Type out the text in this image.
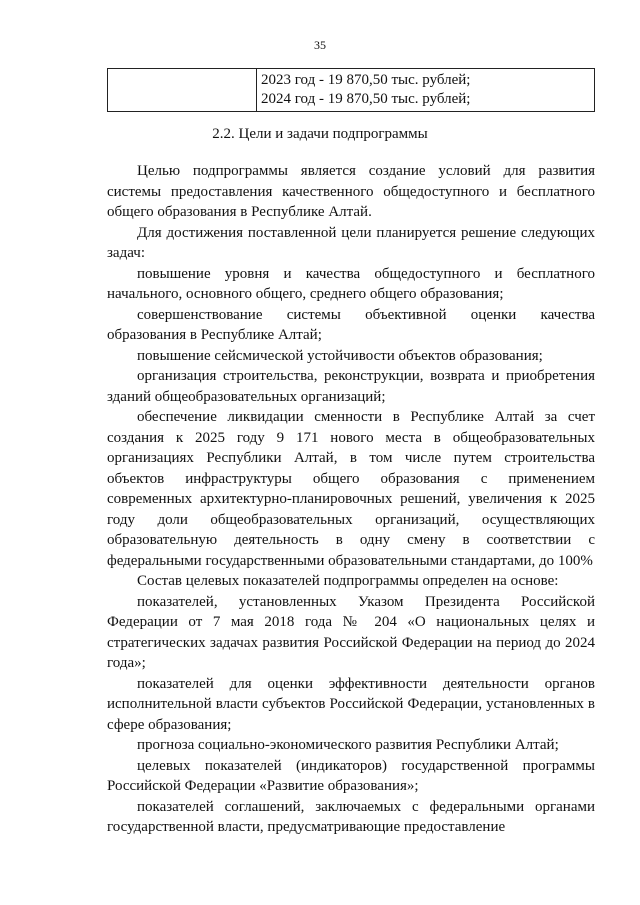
35

2023 год - 19 870,50 тыс. рублей;
2024 год - 19 870,50 тыс. рублей;
2.2. Цели и задачи подпрограммы

Целью подпрограммы является создание условий для развития системы предоставления качественного общедоступного и бесплатного общего образования в Республике Алтай.

Для достижения поставленной цели планируется решение следующих задач:

повышение уровня и качества общедоступного и бесплатного начального, основного общего, среднего общего образования;

совершенствование системы объективной оценки качества образования в Республике Алтай;

повышение сейсмической устойчивости объектов образования;

организация строительства, реконструкции, возврата и приобретения зданий общеобразовательных организаций;

обеспечение ликвидации сменности в Республике Алтай за счет создания к 2025 году 9 171 нового места в общеобразовательных организациях Республики Алтай, в том числе путем строительства объектов инфраструктуры общего образования с применением современных архитектурно-планировочных решений, увеличения к 2025 году доли общеобразовательных организаций, осуществляющих образовательную деятельность в одну смену в соответствии с федеральными государственными образовательными стандартами, до 100%

Состав целевых показателей подпрограммы определен на основе:

показателей, установленных Указом Президента Российской Федерации от 7 мая 2018 года № 204 «О национальных целях и стратегических задачах развития Российской Федерации на период до 2024 года»;

показателей для оценки эффективности деятельности органов исполнительной власти субъектов Российской Федерации, установленных в сфере образования;

прогноза социально-экономического развития Республики Алтай;

целевых показателей (индикаторов) государственной программы Российской Федерации «Развитие образования»;

показателей соглашений, заключаемых с федеральными органами государственной власти, предусматривающие предоставление
